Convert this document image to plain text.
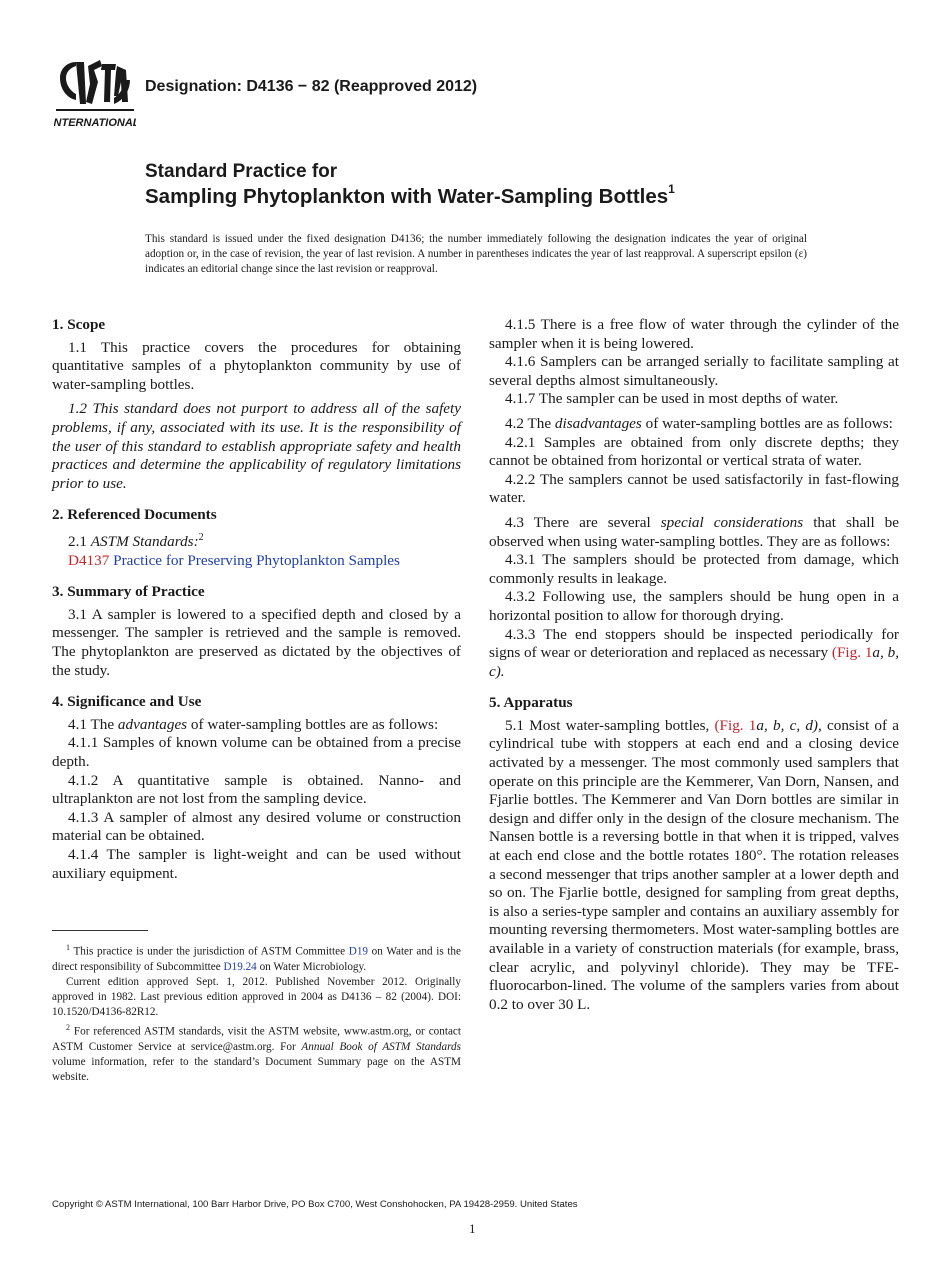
INTERNATIONAL
Designation: D4136 − 82 (Reapproved 2012)
Standard Practice for
Sampling Phytoplankton with Water-Sampling Bottles$^1$
This standard is issued under the fixed designation D4136; the number immediately following the designation indicates the year of original adoption or, in the case of revision, the year of last revision. A number in parentheses indicates the year of last reapproval. A superscript epsilon (ε) indicates an editorial change since the last revision or reapproval.
1. Scope

1.1 This practice covers the procedures for obtaining quantitative samples of a phytoplankton community by use of water-sampling bottles.

1.2 This standard does not purport to address all of the safety problems, if any, associated with its use. It is the responsibility of the user of this standard to establish appropriate safety and health practices and determine the applicability of regulatory limitations prior to use.

2. Referenced Documents

2.1 ASTM Standards:$^2$

D4137 Practice for Preserving Phytoplankton Samples

3. Summary of Practice

3.1 A sampler is lowered to a specified depth and closed by a messenger. The sampler is retrieved and the sample is removed. The phytoplankton are preserved as dictated by the objectives of the study.

4. Significance and Use

4.1 The advantages of water-sampling bottles are as follows:

4.1.1 Samples of known volume can be obtained from a precise depth.

4.1.2 A quantitative sample is obtained. Nanno- and ultraplankton are not lost from the sampling device.

4.1.3 A sampler of almost any desired volume or construction material can be obtained.

4.1.4 The sampler is light-weight and can be used without auxiliary equipment.

$^1$ This practice is under the jurisdiction of ASTM Committee D19 on Water and is the direct responsibility of Subcommittee D19.24 on Water Microbiology.

Current edition approved Sept. 1, 2012. Published November 2012. Originally approved in 1982. Last previous edition approved in 2004 as D4136 – 82 (2004). DOI: 10.1520/D4136-82R12.

$^2$ For referenced ASTM standards, visit the ASTM website, www.astm.org, or contact ASTM Customer Service at service@astm.org. For Annual Book of ASTM Standards volume information, refer to the standard’s Document Summary page on the ASTM website.

4.1.5 There is a free flow of water through the cylinder of the sampler when it is being lowered.

4.1.6 Samplers can be arranged serially to facilitate sampling at several depths almost simultaneously.

4.1.7 The sampler can be used in most depths of water.

4.2 The disadvantages of water-sampling bottles are as follows:

4.2.1 Samples are obtained from only discrete depths; they cannot be obtained from horizontal or vertical strata of water.

4.2.2 The samplers cannot be used satisfactorily in fast-flowing water.

4.3 There are several special considerations that shall be observed when using water-sampling bottles. They are as follows:

4.3.1 The samplers should be protected from damage, which commonly results in leakage.

4.3.2 Following use, the samplers should be hung open in a horizontal position to allow for thorough drying.

4.3.3 The end stoppers should be inspected periodically for signs of wear or deterioration and replaced as necessary (Fig. 1a, b, c).

5. Apparatus

5.1 Most water-sampling bottles, (Fig. 1a, b, c, d), consist of a cylindrical tube with stoppers at each end and a closing device activated by a messenger. The most commonly used samplers that operate on this principle are the Kemmerer, Van Dorn, Nansen, and Fjarlie bottles. The Kemmerer and Van Dorn bottles are similar in design and differ only in the design of the closure mechanism. The Nansen bottle is a reversing bottle in that when it is tripped, valves at each end close and the bottle rotates 180°. The rotation releases a second messenger that trips another sampler at a lower depth and so on. The Fjarlie bottle, designed for sampling from great depths, is also a series-type sampler and contains an auxiliary assembly for mounting reversing thermometers. Most water-sampling bottles are available in a variety of construction materials (for example, brass, clear acrylic, and polyvinyl chloride). They may be TFE-fluorocarbon-lined. The volume of the samplers varies from about 0.2 to over 30 L.

Copyright © ASTM International, 100 Barr Harbor Drive, PO Box C700, West Conshohocken, PA 19428-2959. United States
1
